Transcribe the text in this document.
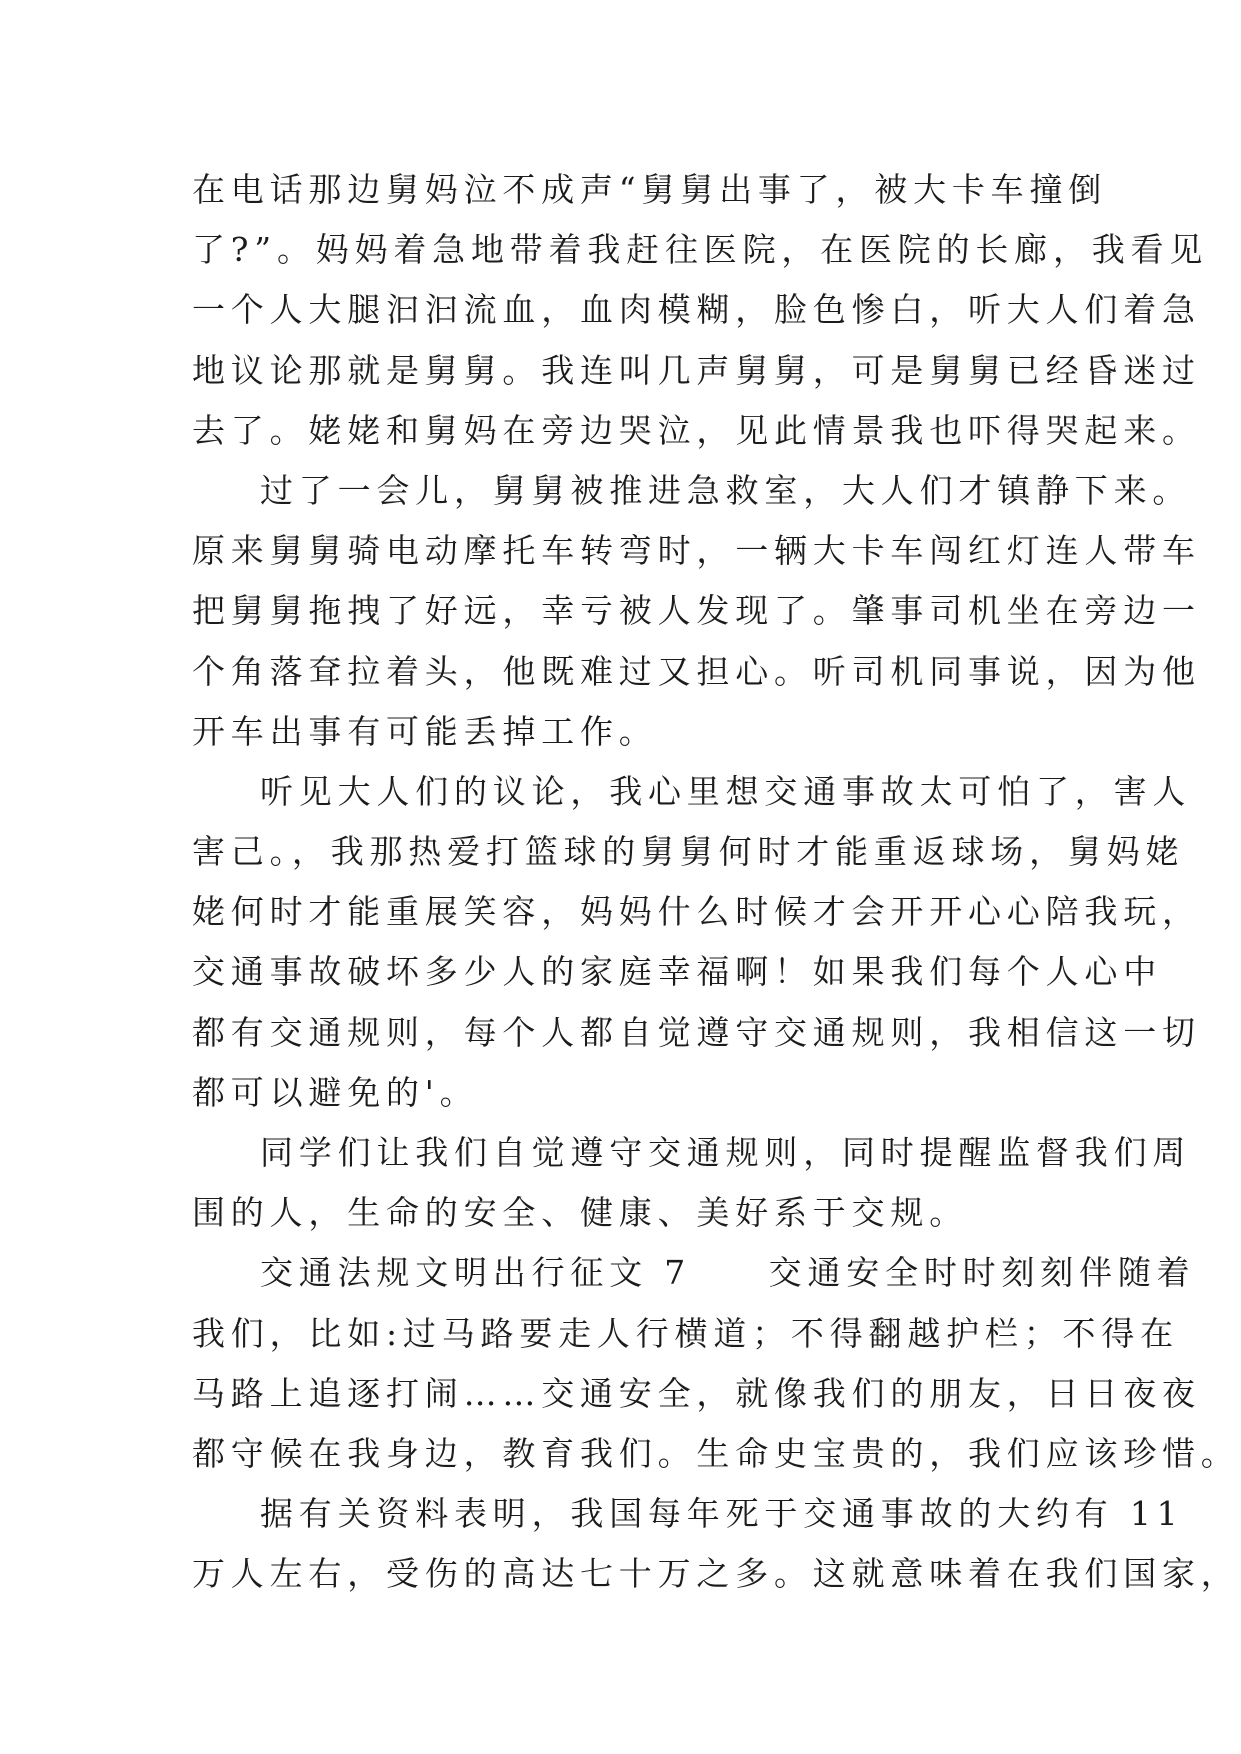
在电话那边舅妈泣不成声“舅舅出事了，被大卡车撞倒
了?”。妈妈着急地带着我赶往医院，在医院的长廊，我看见
一个人大腿汩汩流血，血肉模糊，脸色惨白，听大人们着急
地议论那就是舅舅。我连叫几声舅舅，可是舅舅已经昏迷过
去了。姥姥和舅妈在旁边哭泣，见此情景我也吓得哭起来。
过了一会儿，舅舅被推进急救室，大人们才镇静下来。
原来舅舅骑电动摩托车转弯时，一辆大卡车闯红灯连人带车
把舅舅拖拽了好远，幸亏被人发现了。肇事司机坐在旁边一
个角落耷拉着头，他既难过又担心。听司机同事说，因为他
开车出事有可能丢掉工作。
听见大人们的议论，我心里想交通事故太可怕了，害人
害己。，我那热爱打篮球的舅舅何时才能重返球场，舅妈姥
姥何时才能重展笑容，妈妈什么时候才会开开心心陪我玩，
交通事故破坏多少人的家庭幸福啊！如果我们每个人心中
都有交通规则，每个人都自觉遵守交通规则，我相信这一切
都可以避免的'。
同学们让我们自觉遵守交通规则，同时提醒监督我们周
围的人，生命的安全、健康、美好系于交规。
交通法规文明出行征文 7　　交通安全时时刻刻伴随着
我们，比如:过马路要走人行横道；不得翻越护栏；不得在
马路上追逐打闹……交通安全，就像我们的朋友，日日夜夜
都守候在我身边，教育我们。生命史宝贵的，我们应该珍惜。
据有关资料表明，我国每年死于交通事故的大约有 11
万人左右，受伤的高达七十万之多。这就意味着在我们国家，
